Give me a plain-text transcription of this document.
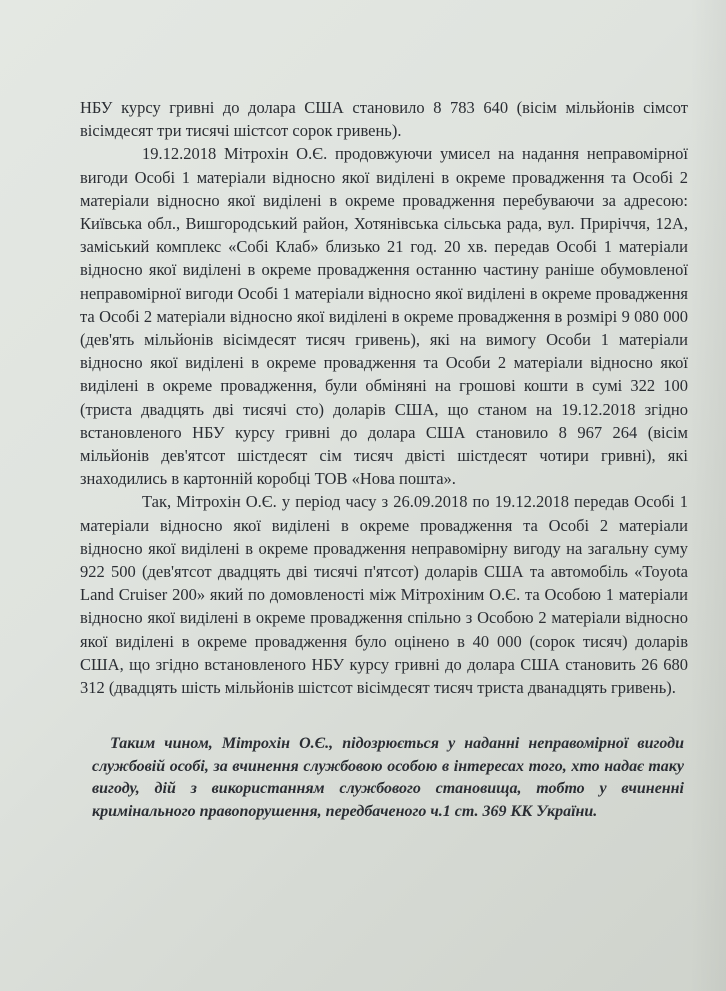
НБУ курсу гривні до долара США становило 8 783 640 (вісім мільйонів сімсот вісімдесят три тисячі шістсот сорок гривень).

19.12.2018 Мітрохін О.Є. продовжуючи умисел на надання неправомірної вигоди Особі 1 матеріали відносно якої виділені в окреме провадження та Особі 2 матеріали відносно якої виділені в окреме провадження перебуваючи за адресою: Київська обл., Вишгородський район, Хотянівська сільська рада, вул. Приріччя, 12А, заміський комплекс «Собі Клаб» близько 21 год. 20 хв. передав Особі 1 матеріали відносно якої виділені в окреме провадження останню частину раніше обумовленої неправомірної вигоди Особі 1 матеріали відносно якої виділені в окреме провадження та Особі 2 матеріали відносно якої виділені в окреме провадження в розмірі 9 080 000 (дев'ять мільйонів вісімдесят тисяч гривень), які на вимогу Особи 1 матеріали відносно якої виділені в окреме провадження та Особи 2 матеріали відносно якої виділені в окреме провадження, були обміняні на грошові кошти в сумі 322 100 (триста двадцять дві тисячі сто) доларів США, що станом на 19.12.2018 згідно встановленого НБУ курсу гривні до долара США становило 8 967 264 (вісім мільйонів дев'ятсот шістдесят сім тисяч двісті шістдесят чотири гривні), які знаходились в картонній коробці ТОВ «Нова пошта».

Так, Мітрохін О.Є. у період часу з 26.09.2018 по 19.12.2018 передав Особі 1 матеріали відносно якої виділені в окреме провадження та Особі 2 матеріали відносно якої виділені в окреме провадження неправомірну вигоду на загальну суму 922 500 (дев'ятсот двадцять дві тисячі п'ятсот) доларів США та автомобіль «Toyota Land Cruiser 200» який по домовленості між Мітрохіним О.Є. та Особою 1 матеріали відносно якої виділені в окреме провадження спільно з Особою 2 матеріали відносно якої виділені в окреме провадження було оцінено в 40 000 (сорок тисяч) доларів США, що згідно встановленого НБУ курсу гривні до долара США становить 26 680 312 (двадцять шість мільйонів шістсот вісімдесят тисяч триста дванадцять гривень).

Таким чином, Мітрохін О.Є., підозрюється у наданні неправомірної вигоди службовій особі, за вчинення службовою особою в інтересах того, хто надає таку вигоду, дій з використанням службового становища, тобто у вчиненні кримінального правопорушення, передбаченого ч.1 ст. 369 КК України.
